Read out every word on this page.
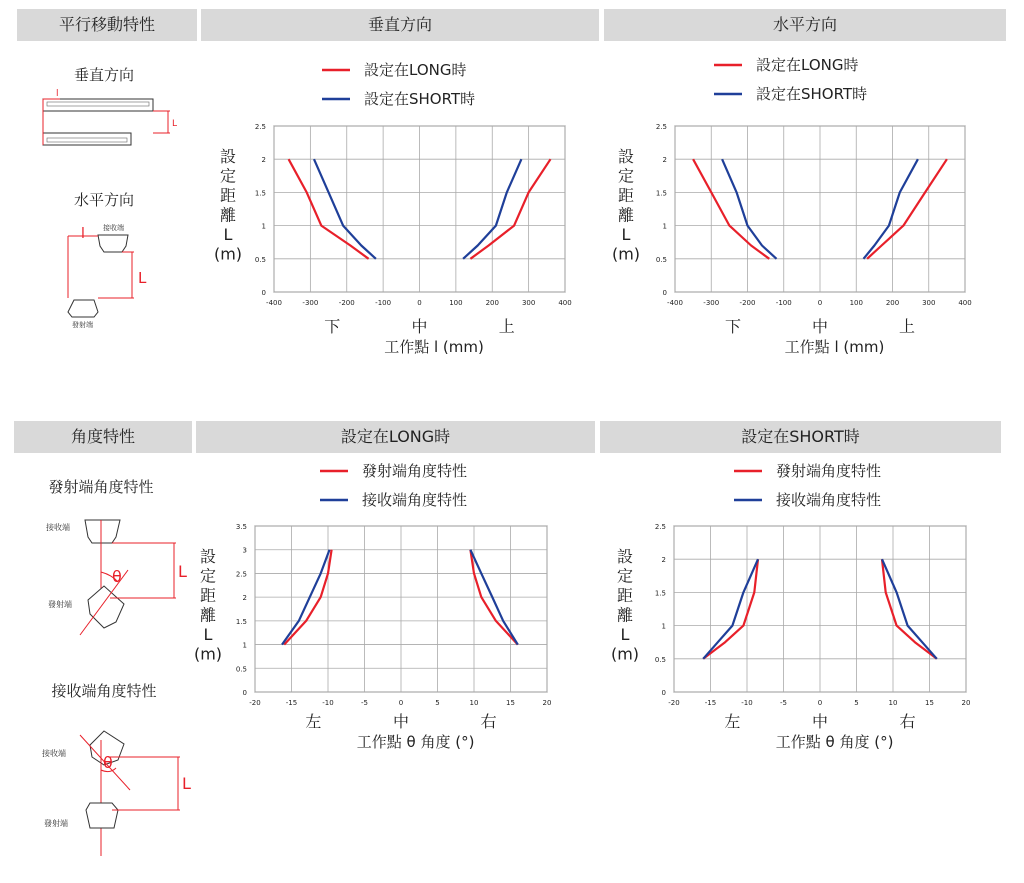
平行移動特性	垂直方向	水平方向
角度特性	設定在LONG時	設定在SHORT時
垂直方向
l
L
水平方向
接收端
發射端
l
L
發射端角度特性
接收端
發射端
θ	L
接收端角度特性
接收端 θ
發射端
L
-400	-300	-200	-100	0	100	200	300	400
0
0.5
1
1.5
2
2.5
設
定
距
離
L
(m)
設定在LONG時
設定在SHORT時
下	中	上
工作點 l (mm)
-400	-300	-200	-100	0	100	200	300	400
0
0.5
1
1.5
2
2.5
設
定
距
離
L
(m)
設定在LONG時
設定在SHORT時
下	中	上
工作點 l (mm)
-20	-15	-10	-5	0	5	10	15	20
0
0.5
1
1.5
2
2.5
3
3.5
設
定
距
離
L
(m)
發射端角度特性
接收端角度特性
左	中	右
工作點 θ 角度 (°)
-20	-15	-10	-5	0	5	10	15	20
0
0.5
1
1.5
2
2.5
設
定
距
離
L
(m)
發射端角度特性
接收端角度特性
左	中	右
工作點 θ 角度 (°)
